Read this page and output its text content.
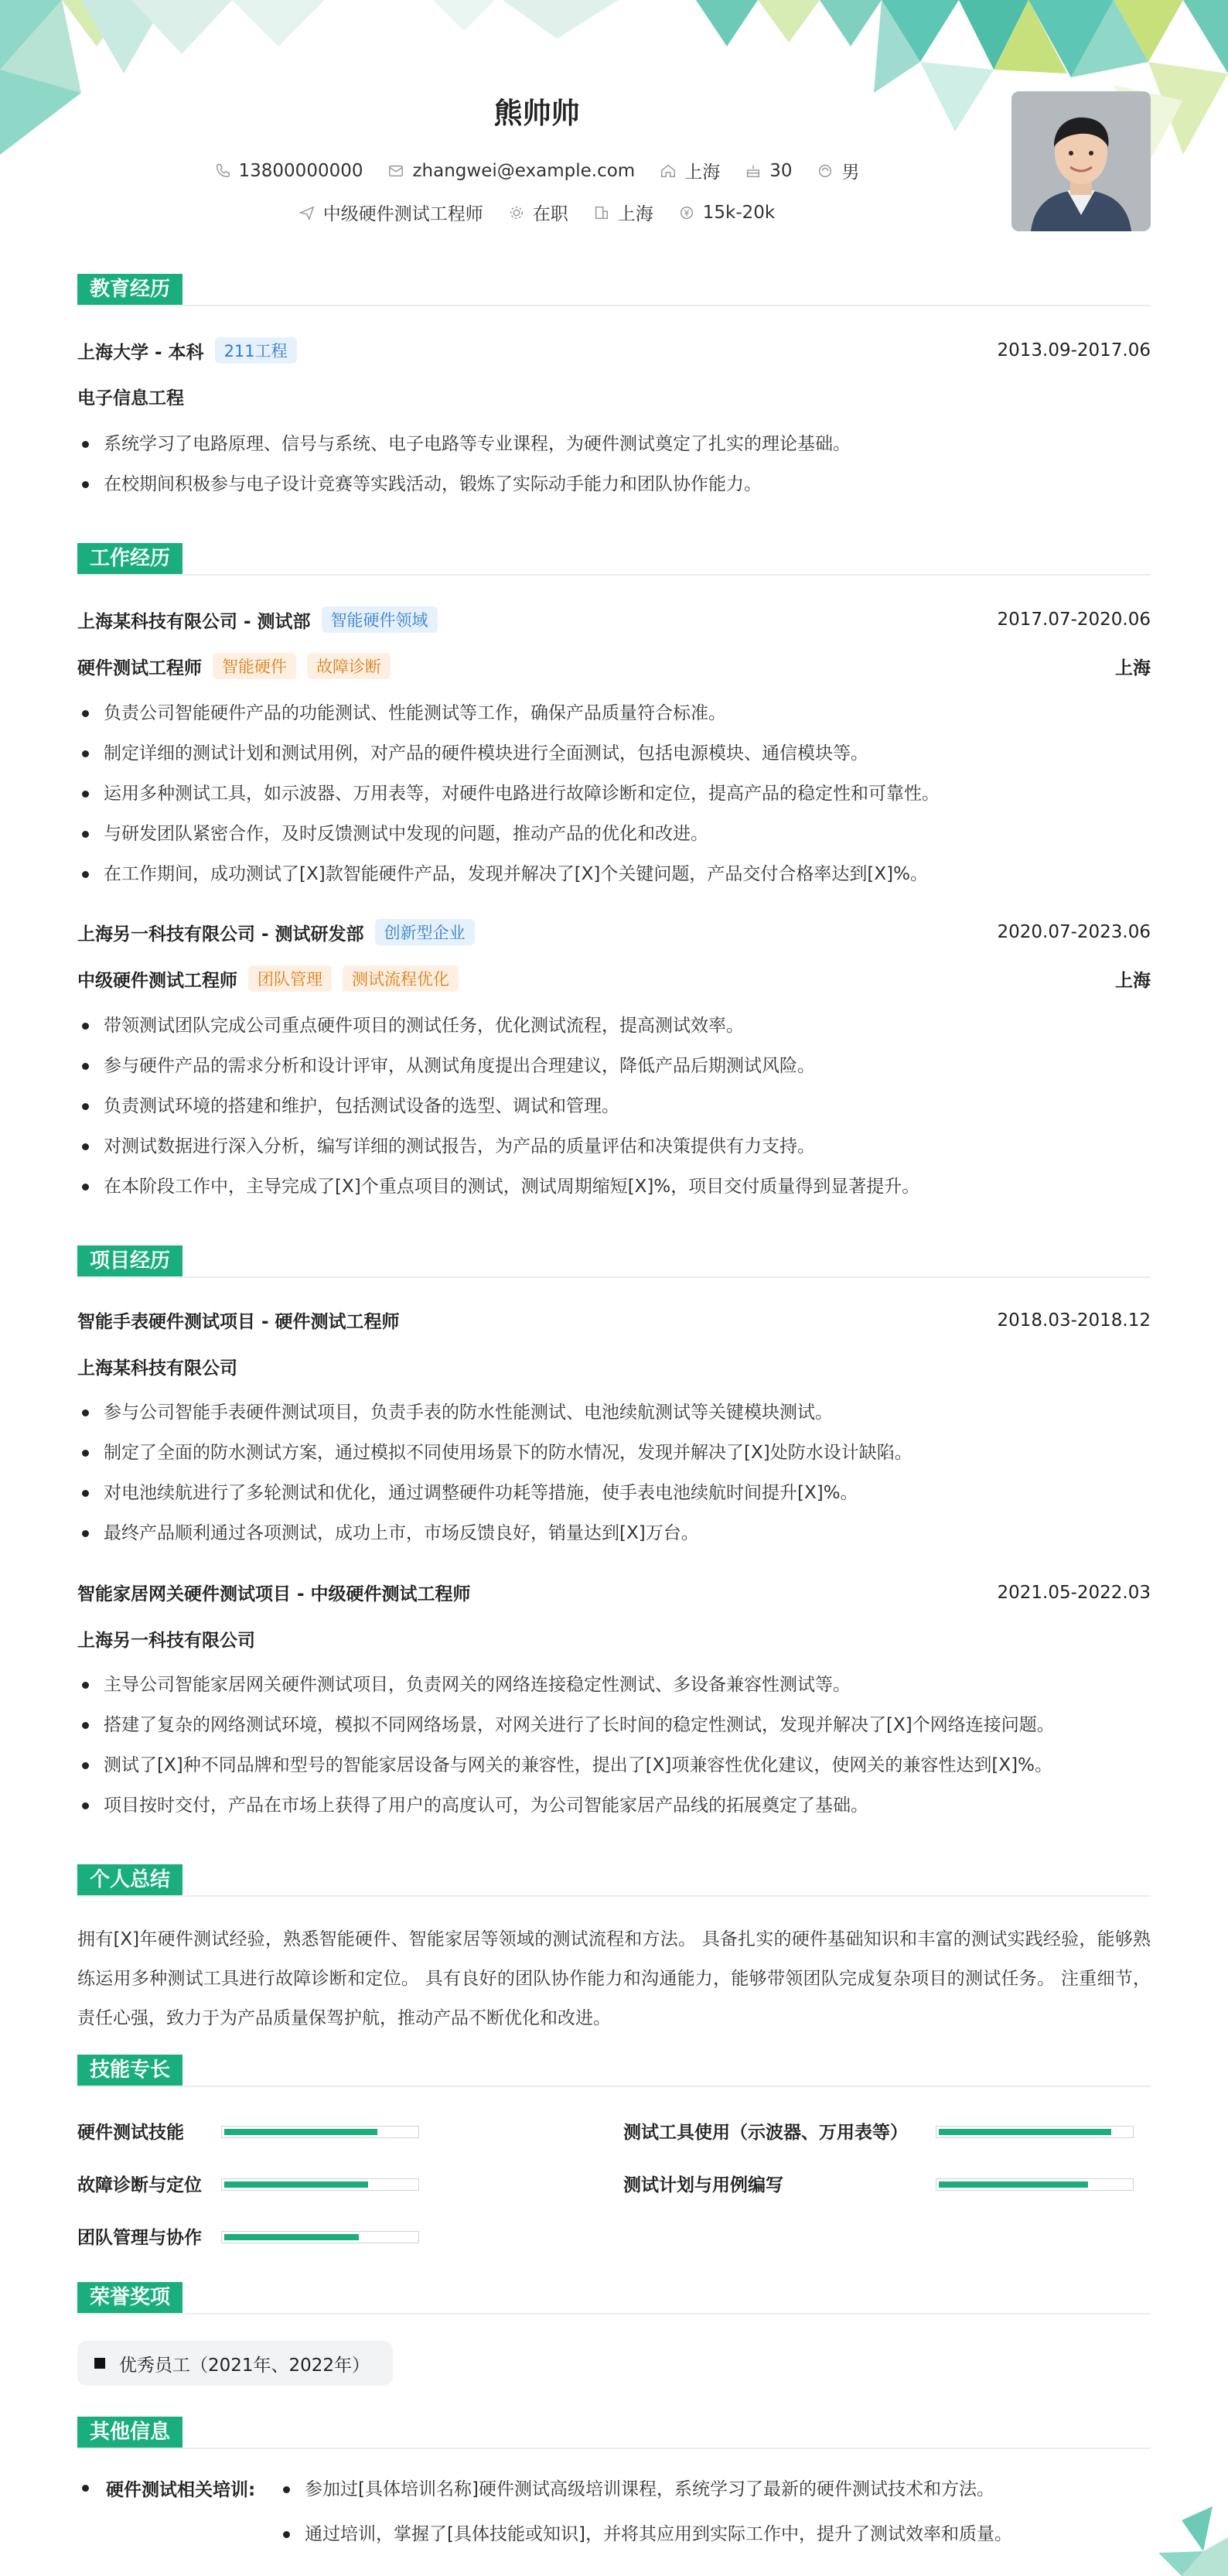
熊帅帅
13800000000	zhangwei@example.com	上海	30	男
中级硬件测试工程师	在职	上海	15k-20k
教育经历
上海大学 - 本科	211工程	2013.09-2017.06
电子信息工程
系统学习了电路原理、信号与系统、电子电路等专业课程，为硬件测试奠定了扎实的理论基础。
在校期间积极参与电子设计竞赛等实践活动，锻炼了实际动手能力和团队协作能力。
工作经历
上海某科技有限公司 - 测试部	智能硬件领域	2017.07-2020.06
硬件测试工程师	智能硬件	故障诊断	上海
负责公司智能硬件产品的功能测试、性能测试等工作，确保产品质量符合标准。
制定详细的测试计划和测试用例，对产品的硬件模块进行全面测试，包括电源模块、通信模块等。
运用多种测试工具，如示波器、万用表等，对硬件电路进行故障诊断和定位，提高产品的稳定性和可靠性。
与研发团队紧密合作，及时反馈测试中发现的问题，推动产品的优化和改进。
在工作期间，成功测试了[X]款智能硬件产品，发现并解决了[X]个关键问题，产品交付合格率达到[X]%。
上海另一科技有限公司 - 测试研发部	创新型企业	2020.07-2023.06
中级硬件测试工程师	团队管理	测试流程优化	上海
带领测试团队完成公司重点硬件项目的测试任务，优化测试流程，提高测试效率。
参与硬件产品的需求分析和设计评审，从测试角度提出合理建议，降低产品后期测试风险。
负责测试环境的搭建和维护，包括测试设备的选型、调试和管理。
对测试数据进行深入分析，编写详细的测试报告，为产品的质量评估和决策提供有力支持。
在本阶段工作中，主导完成了[X]个重点项目的测试，测试周期缩短[X]%，项目交付质量得到显著提升。
项目经历
智能手表硬件测试项目 - 硬件测试工程师	2018.03-2018.12
上海某科技有限公司
参与公司智能手表硬件测试项目，负责手表的防水性能测试、电池续航测试等关键模块测试。
制定了全面的防水测试方案，通过模拟不同使用场景下的防水情况，发现并解决了[X]处防水设计缺陷。
对电池续航进行了多轮测试和优化，通过调整硬件功耗等措施，使手表电池续航时间提升[X]%。
最终产品顺利通过各项测试，成功上市，市场反馈良好，销量达到[X]万台。
智能家居网关硬件测试项目 - 中级硬件测试工程师	2021.05-2022.03
上海另一科技有限公司
主导公司智能家居网关硬件测试项目，负责网关的网络连接稳定性测试、多设备兼容性测试等。
搭建了复杂的网络测试环境，模拟不同网络场景，对网关进行了长时间的稳定性测试，发现并解决了[X]个网络连接问题。
测试了[X]种不同品牌和型号的智能家居设备与网关的兼容性，提出了[X]项兼容性优化建议，使网关的兼容性达到[X]%。
项目按时交付，产品在市场上获得了用户的高度认可，为公司智能家居产品线的拓展奠定了基础。
个人总结
拥有[X]年硬件测试经验，熟悉智能硬件、智能家居等领域的测试流程和方法。 具备扎实的硬件基础知识和丰富的测试实践经验，能够熟练运用多种测试工具进行故障诊断和定位。 具有良好的团队协作能力和沟通能力，能够带领团队完成复杂项目的测试任务。 注重细节，责任心强，致力于为产品质量保驾护航，推动产品不断优化和改进。
技能专长
硬件测试技能	测试工具使用（示波器、万用表等）
故障诊断与定位	测试计划与用例编写
团队管理与协作
荣誉奖项
优秀员工（2021年、2022年）
其他信息
硬件测试相关培训:	参加过[具体培训名称]硬件测试高级培训课程，系统学习了最新的硬件测试技术和方法。
通过培训，掌握了[具体技能或知识]，并将其应用到实际工作中，提升了测试效率和质量。
